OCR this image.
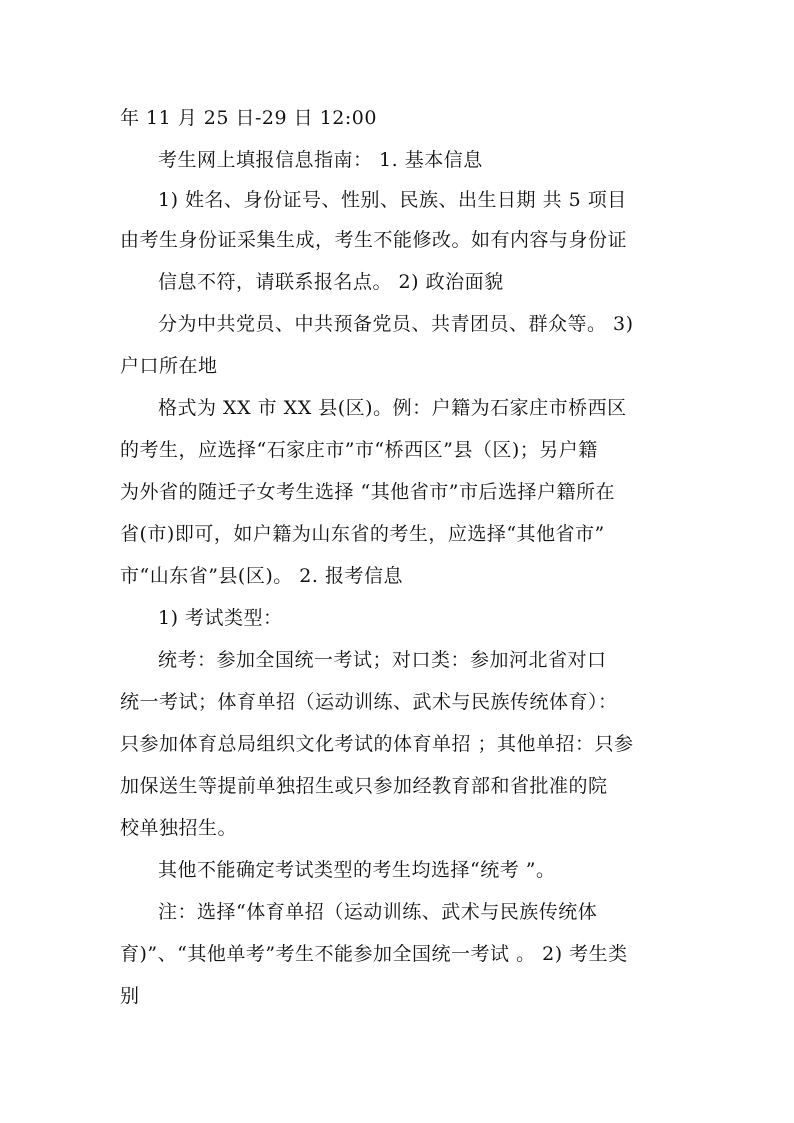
年 11 月 25 日-29 日 12:00
考生网上填报信息指南： 1. 基本信息
1) 姓名、身份证号、性别、民族、出生日期 共 5 项目
由考生身份证采集生成，考生不能修改。如有内容与身份证
信息不符，请联系报名点。 2) 政治面貌
分为中共党员、中共预备党员、共青团员、群众等。 3)
户口所在地
格式为 XX 市 XX 县(区)。例：户籍为石家庄市桥西区
的考生，应选择“石家庄市”市“桥西区”县（区)；另户籍
为外省的随迁子女考生选择 “其他省市”市后选择户籍所在
省(市)即可，如户籍为山东省的考生，应选择“其他省市”
市“山东省”县(区)。 2. 报考信息
1) 考试类型：
统考：参加全国统一考试；对口类：参加河北省对口
统一考试；体育单招（运动训练、武术与民族传统体育）：
只参加体育总局组织文化考试的体育单招 ；其他单招：只参
加保送生等提前单独招生或只参加经教育部和省批准的院
校单独招生。
其他不能确定考试类型的考生均选择“统考 ”。
注：选择“体育单招（运动训练、武术与民族传统体
育)”、“其他单考”考生不能参加全国统一考试 。 2) 考生类
别
